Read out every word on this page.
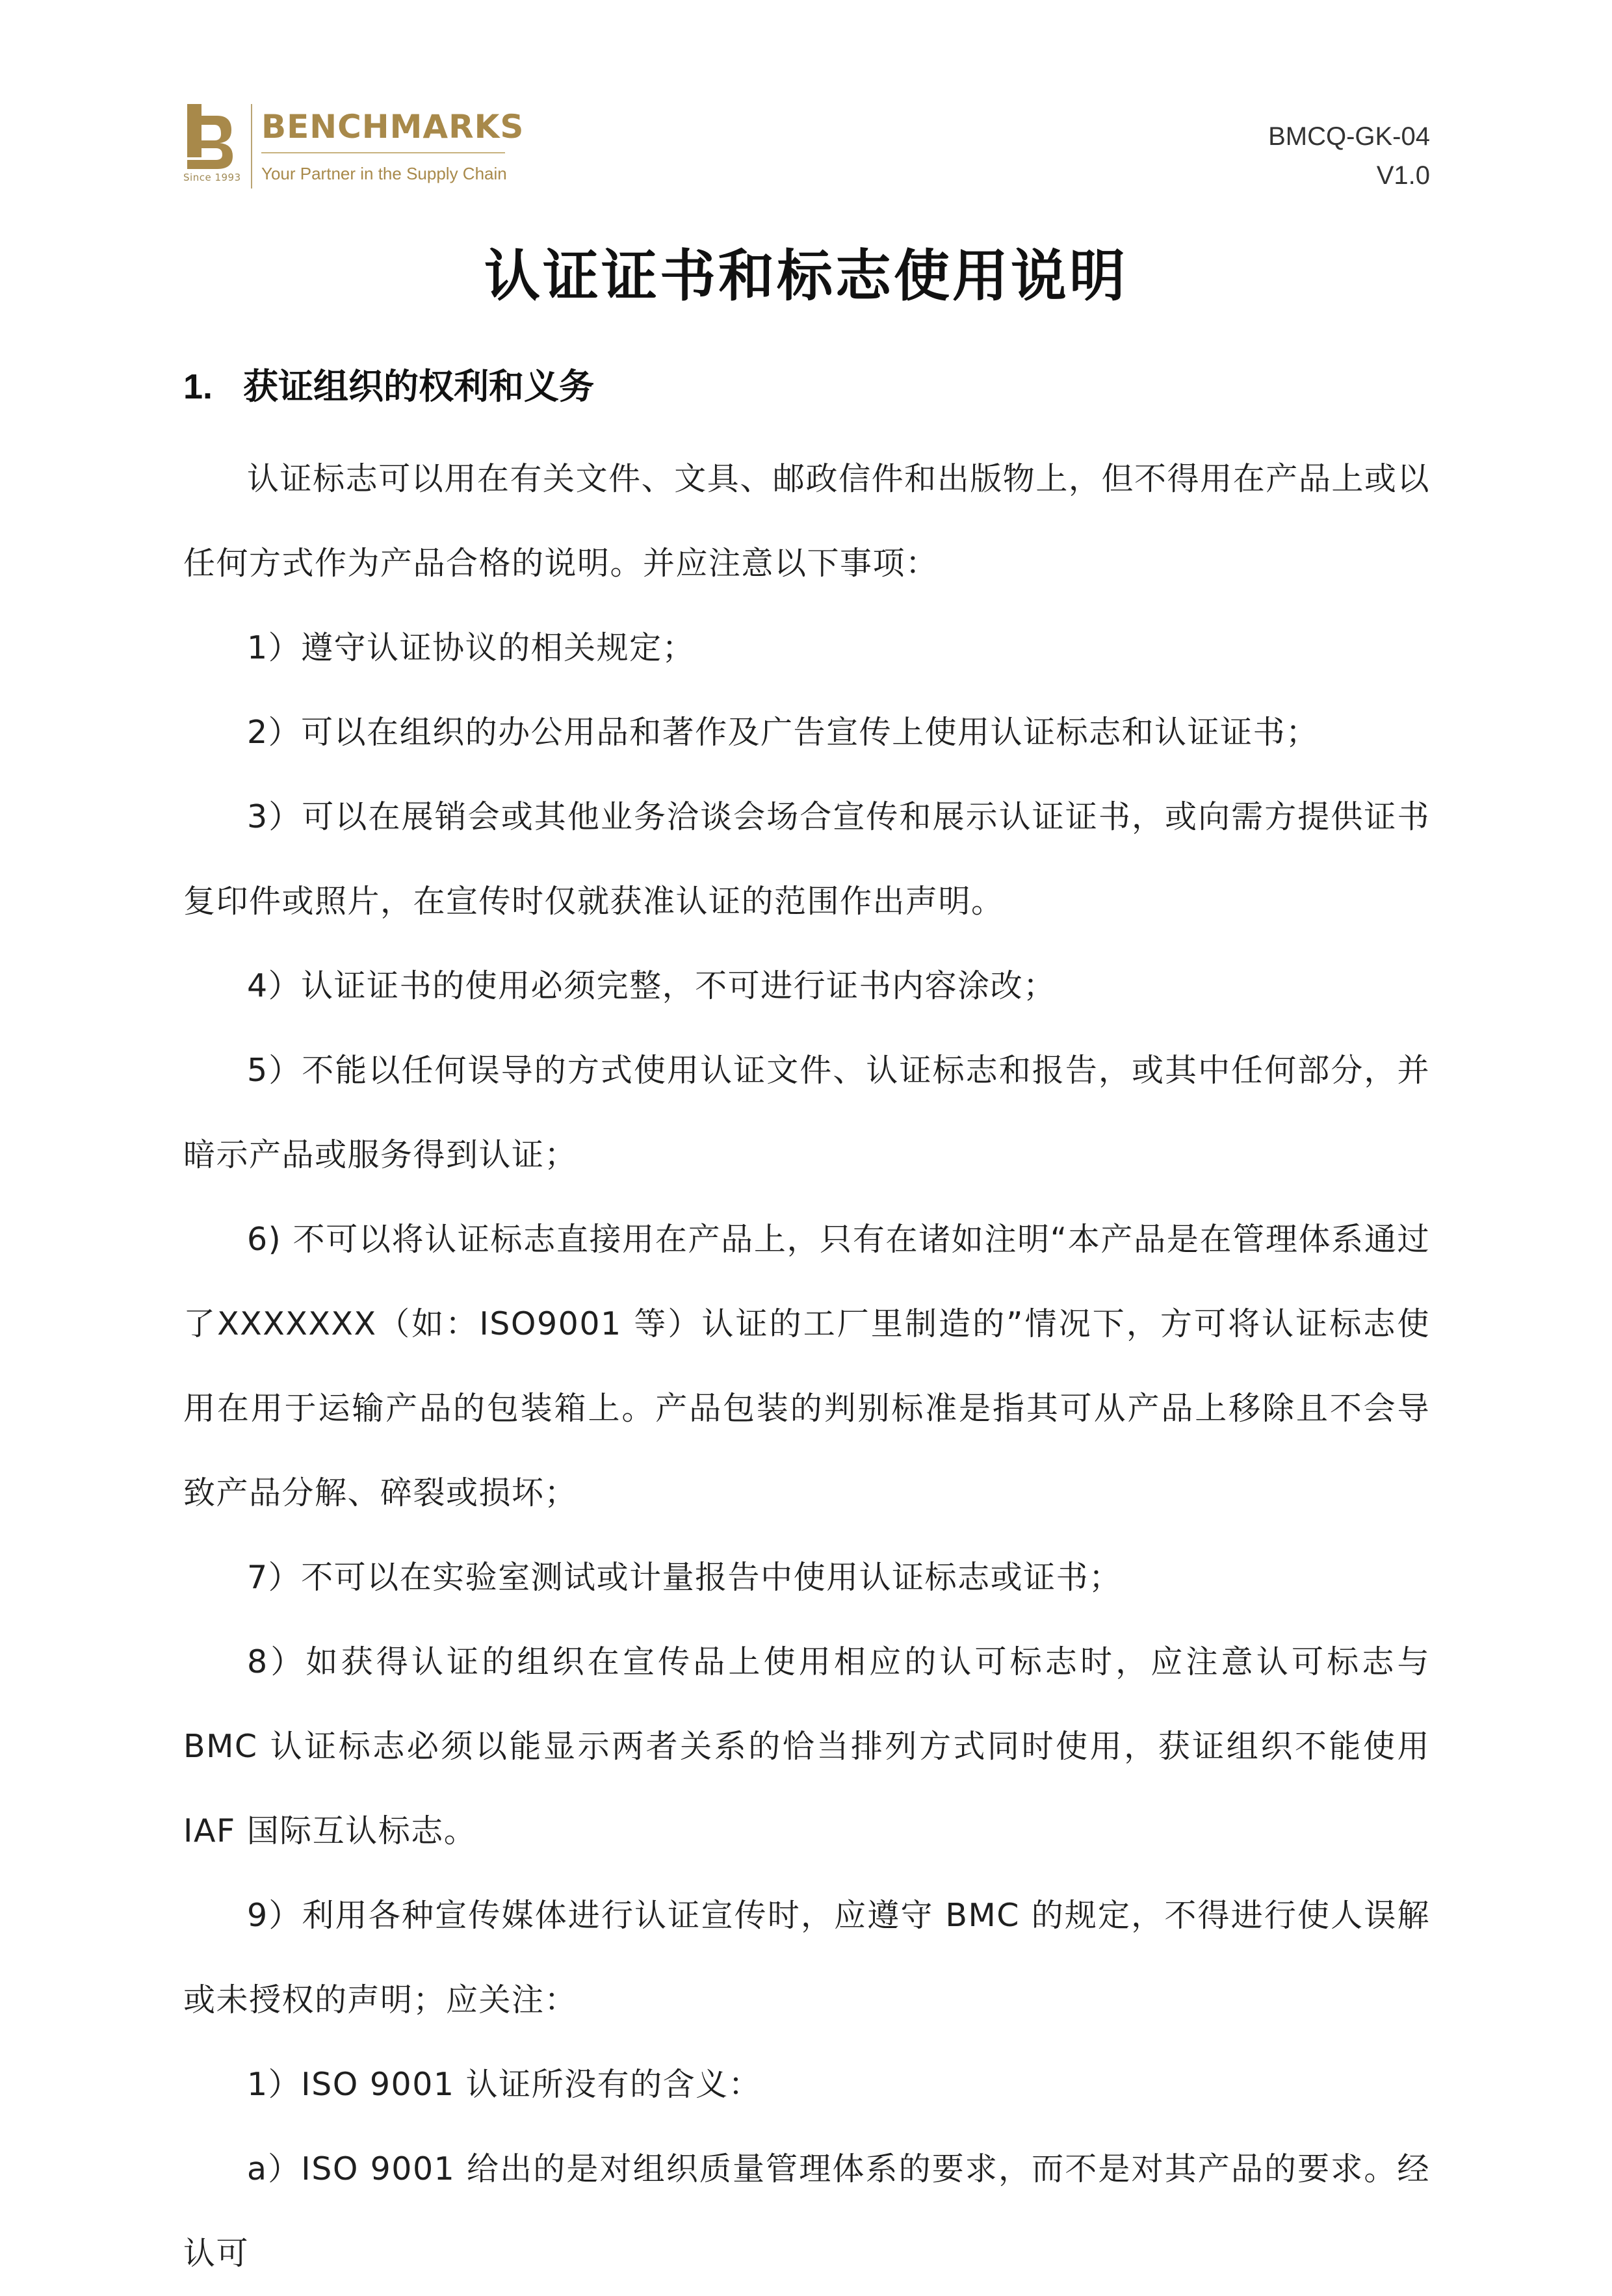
Since 1993
BENCHMARKS
Your Partner in the Supply Chain
BMCQ-GK-04
V1.0
认证证书和标志使用说明
1. 获证组织的权利和义务

认证标志可以用在有关文件、文具、邮政信件和出版物上，但不得用在产品上或以任何方式作为产品合格的说明。并应注意以下事项：

1）遵守认证协议的相关规定；

2）可以在组织的办公用品和著作及广告宣传上使用认证标志和认证证书；

3）可以在展销会或其他业务洽谈会场合宣传和展示认证证书，或向需方提供证书复印件或照片，在宣传时仅就获准认证的范围作出声明。

4）认证证书的使用必须完整，不可进行证书内容涂改；

5）不能以任何误导的方式使用认证文件、认证标志和报告，或其中任何部分，并暗示产品或服务得到认证；

6) 不可以将认证标志直接用在产品上，只有在诸如注明“本产品是在管理体系通过了XXXXXXX（如：ISO9001 等）认证的工厂里制造的”情况下，方可将认证标志使用在用于运输产品的包装箱上。产品包装的判别标准是指其可从产品上移除且不会导致产品分解、碎裂或损坏；

7）不可以在实验室测试或计量报告中使用认证标志或证书；

8）如获得认证的组织在宣传品上使用相应的认可标志时，应注意认可标志与 BMC 认证标志必须以能显示两者关系的恰当排列方式同时使用，获证组织不能使用 IAF 国际互认标志。

9）利用各种宣传媒体进行认证宣传时，应遵守 BMC 的规定，不得进行使人误解或未授权的声明；应关注：

1）ISO 9001 认证所没有的含义：

a）ISO 9001 给出的是对组织质量管理体系的要求，而不是对其产品的要求。经认可
